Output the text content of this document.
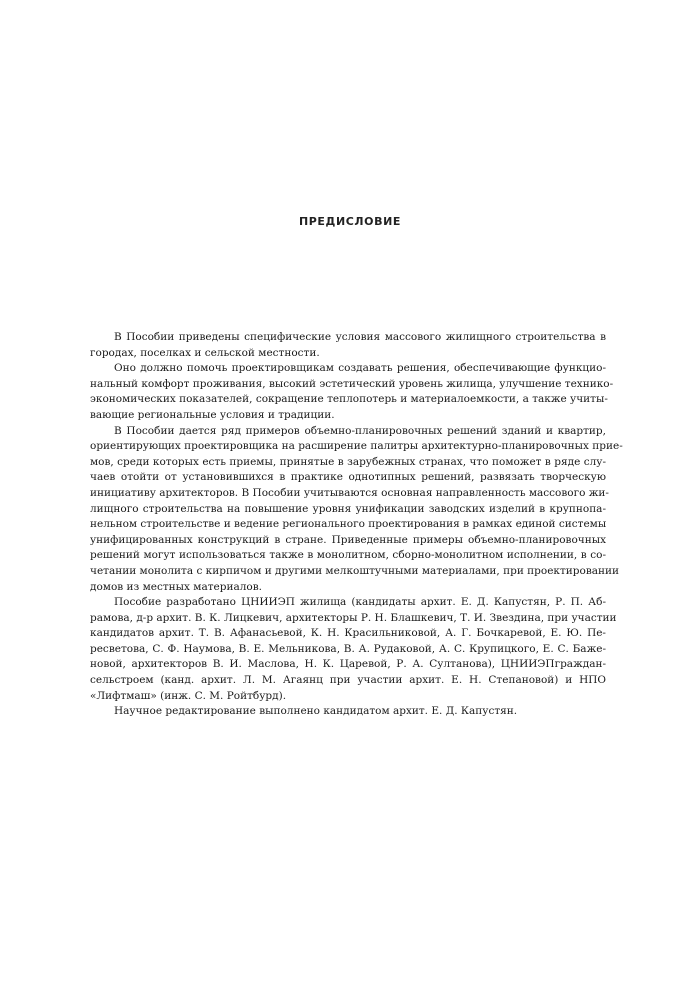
ПРЕДИСЛОВИЕ
В Пособии приведены специфические условия массового жилищного строительства в
городах, поселках и сельской местности.
Оно должно помочь проектировщикам создавать решения, обеспечивающие функцио-
нальный комфорт проживания, высокий эстетический уровень жилища, улучшение технико-
экономических показателей, сокращение теплопотерь и материалоемкости, а также учиты-
вающие региональные условия и традиции.
В Пособии дается ряд примеров объемно-планировочных решений зданий и квартир,
ориентирующих проектировщика на расширение палитры архитектурно-планировочных прие-
мов, среди которых есть приемы, принятые в зарубежных странах, что поможет в ряде слу-
чаев отойти от установившихся в практике однотипных решений, развязать творческую
инициативу архитекторов. В Пособии учитываются основная направленность массового жи-
лищного строительства на повышение уровня унификации заводских изделий в крупнопа-
нельном строительстве и ведение регионального проектирования в рамках единой системы
унифицированных конструкций в стране. Приведенные примеры объемно-планировочных
решений могут использоваться также в монолитном, сборно-монолитном исполнении, в со-
четании монолита с кирпичом и другими мелкоштучными материалами, при проектировании
домов из местных материалов.
Пособие разработано ЦНИИЭП жилища (кандидаты архит. Е. Д. Капустян, Р. П. Аб-
рамова, д-р архит. В. К. Лицкевич, архитекторы Р. Н. Блашкевич, Т. И. Звездина, при участии
кандидатов архит. Т. В. Афанасьевой, К. Н. Красильниковой, А. Г. Бочкаревой, Е. Ю. Пе-
ресветова, С. Ф. Наумова, В. Е. Мельникова, В. А. Рудаковой, А. С. Крупицкого, Е. С. Баже-
новой, архитекторов В. И. Маслова, Н. К. Царевой, Р. А. Султанова), ЦНИИЭПграждан-
сельстроем (канд. архит. Л. М. Агаянц при участии архит. Е. Н. Степановой) и НПО
«Лифтмаш» (инж. С. М. Ройтбурд).
Научное редактирование выполнено кандидатом архит. Е. Д. Капустян.
